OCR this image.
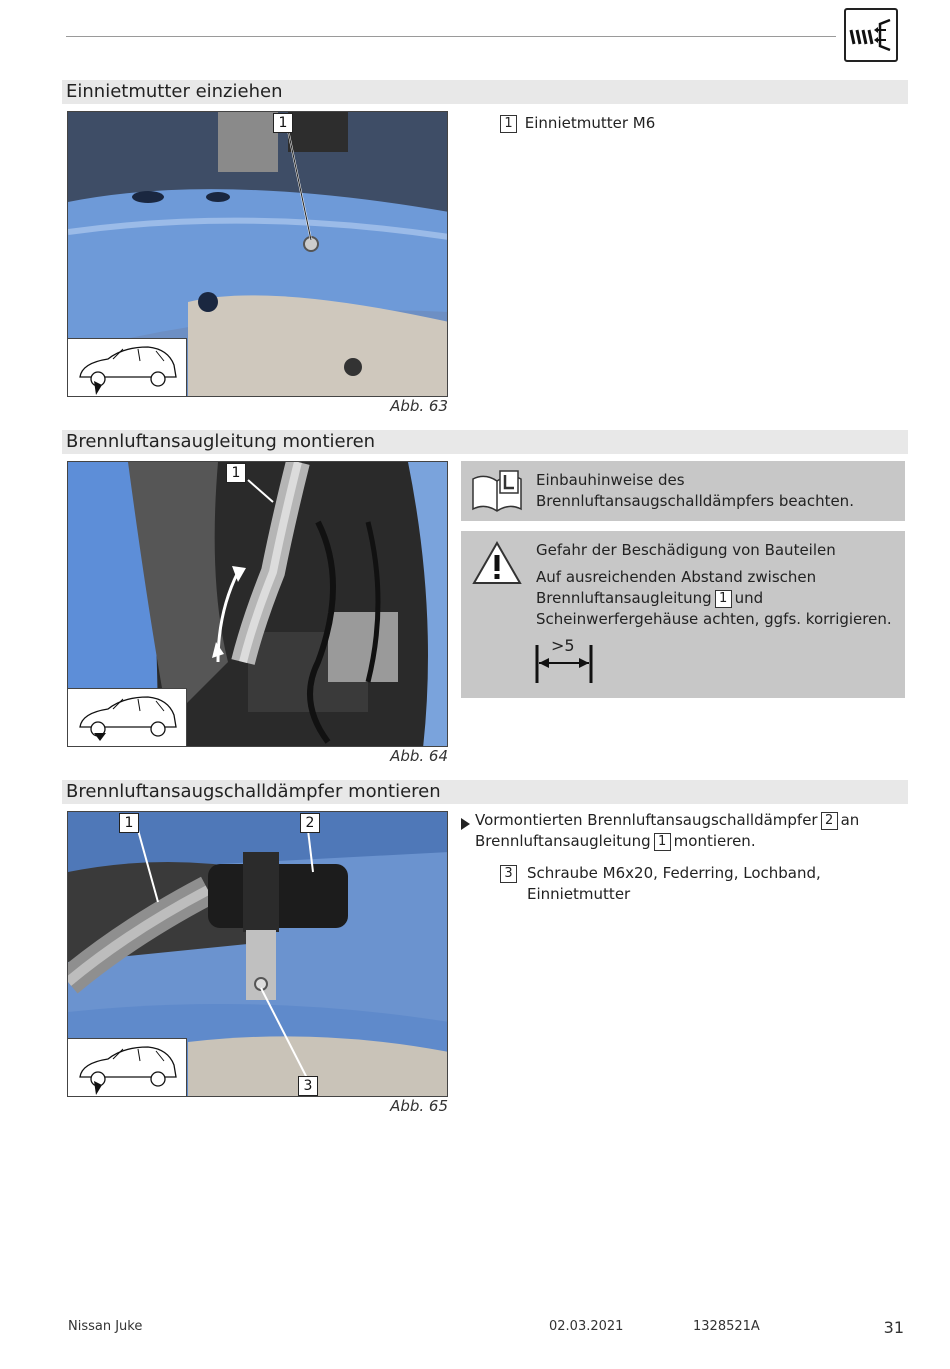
Einnietmutter einziehen
1
Abb. 63
1 Einnietmutter M6
Brennluftansaugleitung montieren
1
Abb. 64
Einbauhinweise des Brennluftansaugschalldämpfers beachten.
Gefahr der Beschädigung von Bauteilen
Auf ausreichenden Abstand zwischen Brennluftansaugleitung 1 und Scheinwerfergehäuse achten, ggfs. korrigieren.
>5
Brennluftansaugschalldämpfer montieren
1	2
3
Abb. 65
Vormontierten Brennluftansaugschalldämpfer 2 an Brennluftansaugleitung 1 montieren.
3 Schraube M6x20, Federring, Lochband, Einnietmutter
Nissan Juke	02.03.2021	1328521A	31
